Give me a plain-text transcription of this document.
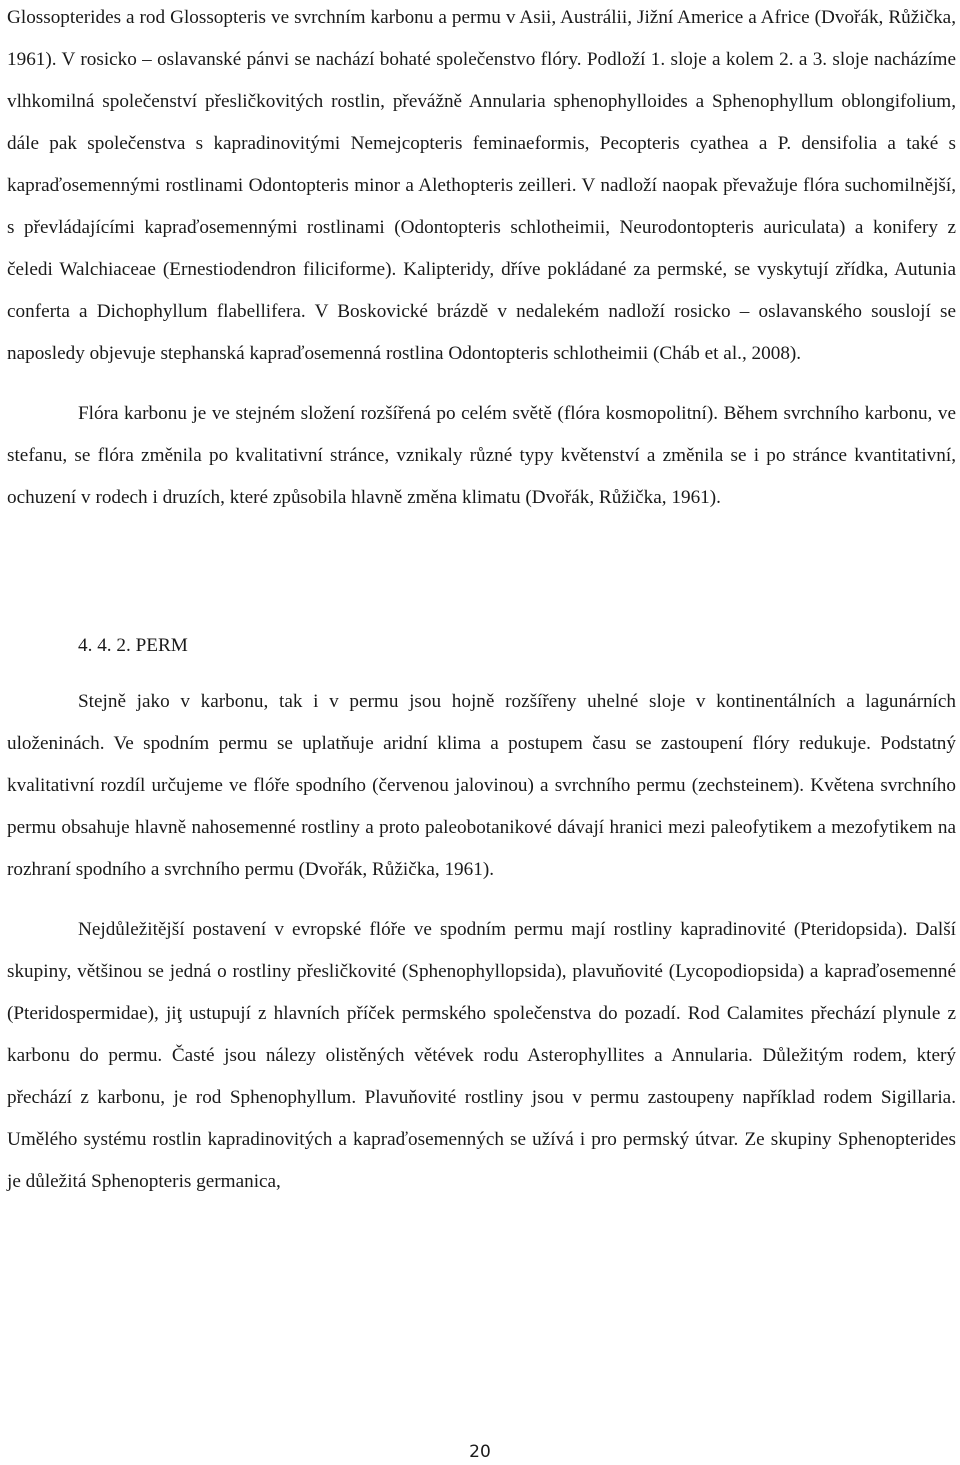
Glossopterides a rod Glossopteris ve svrchním karbonu a permu v Asii, Austrálii, Jižní Americe a Africe (Dvořák, Růžička, 1961). V rosicko – oslavanské pánvi se nachází bohaté společenstvo flóry. Podloží 1. sloje a kolem 2. a 3. sloje nacházíme vlhkomilná společenství přesličkovitých rostlin, převážně Annularia sphenophylloides a Sphenophyllum oblongifolium, dále pak společenstva s kapradinovitými Nemejcopteris feminaeformis, Pecopteris cyathea a P. densifolia a také s kapraďosemennými rostlinami Odontopteris minor a Alethopteris zeilleri. V nadloží naopak převažuje flóra suchomilnější, s převládajícími kapraďosemennými rostlinami (Odontopteris schlotheimii, Neurodontopteris auriculata) a konifery z čeledi Walchiaceae (Ernestiodendron filiciforme). Kalipteridy, dříve pokládané za permské, se vyskytují zřídka, Autunia conferta a Dichophyllum flabellifera. V Boskovické brázdě v nedalekém nadloží rosicko – oslavanského souslojí se naposledy objevuje stephanská kapraďosemenná rostlina Odontopteris schlotheimii (Cháb et al., 2008).

Flóra karbonu je ve stejném složení rozšířená po celém světě (flóra kosmopolitní). Během svrchního karbonu, ve stefanu, se flóra změnila po kvalitativní stránce, vznikaly různé typy květenství a změnila se i po stránce kvantitativní, ochuzení v rodech i druzích, které způsobila hlavně změna klimatu (Dvořák, Růžička, 1961).

4. 4. 2. PERM

Stejně jako v karbonu, tak i v permu jsou hojně rozšířeny uhelné sloje v kontinentálních a lagunárních uloženinách. Ve spodním permu se uplatňuje aridní klima a postupem času se zastoupení flóry redukuje. Podstatný kvalitativní rozdíl určujeme ve flóře spodního (červenou jalovinou) a svrchního permu (zechsteinem). Květena svrchního permu obsahuje hlavně nahosemenné rostliny a proto paleobotanikové dávají hranici mezi paleofytikem a mezofytikem na rozhraní spodního a svrchního permu (Dvořák, Růžička, 1961).

Nejdůležitější postavení v evropské flóře ve spodním permu mají rostliny kapradinovité (Pteridopsida). Další skupiny, většinou se jedná o rostliny přesličkovité (Sphenophyllopsida), plavuňovité (Lycopodiopsida) a kapraďosemenné (Pteridospermidae), jiţ ustupují z hlavních příček permského společenstva do pozadí. Rod Calamites přechází plynule z karbonu do permu. Časté jsou nálezy olistěných větévek rodu Asterophyllites a Annularia. Důležitým rodem, který přechází z karbonu, je rod Sphenophyllum. Plavuňovité rostliny jsou v permu zastoupeny například rodem Sigillaria. Umělého systému rostlin kapradinovitých a kapraďosemenných se užívá i pro permský útvar. Ze skupiny Sphenopterides je důležitá Sphenopteris germanica,

20
